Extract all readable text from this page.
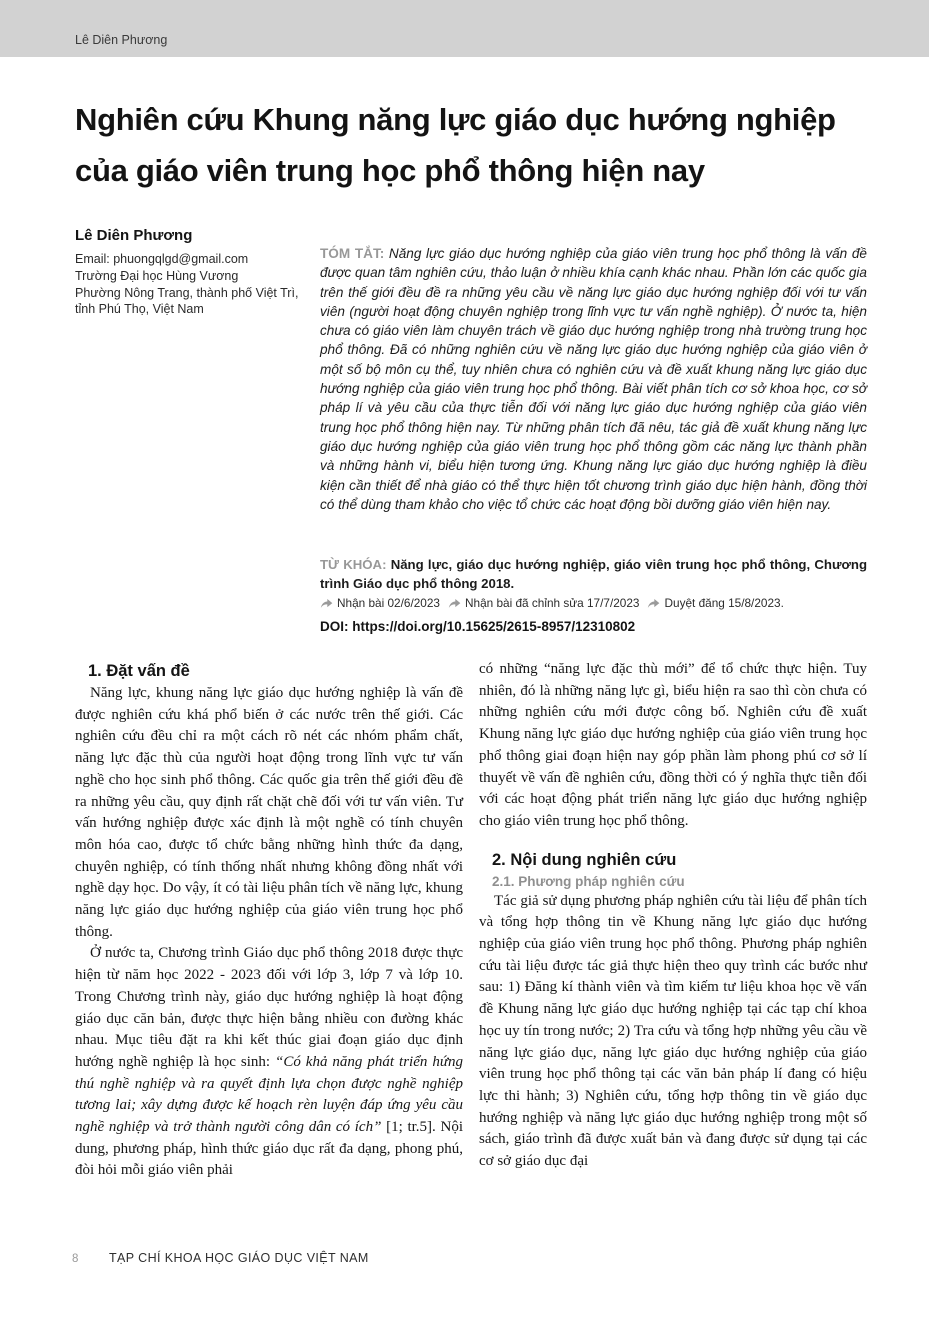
Lê Diên Phương
Nghiên cứu Khung năng lực giáo dục hướng nghiệp
của giáo viên trung học phổ thông hiện nay
Lê Diên Phương
Email: phuongqlgd@gmail.com
Trường Đại học Hùng Vương
Phường Nông Trang, thành phố Việt Trì,
tỉnh Phú Thọ, Việt Nam
TÓM TẮT: Năng lực giáo dục hướng nghiệp của giáo viên trung học phổ thông là vấn đề được quan tâm nghiên cứu, thảo luận ở nhiều khía cạnh khác nhau. Phần lớn các quốc gia trên thế giới đều đề ra những yêu cầu về năng lực giáo dục hướng nghiệp đối với tư vấn viên (người hoạt động chuyên nghiệp trong lĩnh vực tư vấn nghề nghiệp). Ở nước ta, hiện chưa có giáo viên làm chuyên trách về giáo dục hướng nghiệp trong nhà trường trung học phổ thông. Đã có những nghiên cứu về năng lực giáo dục hướng nghiệp của giáo viên ở một số bộ môn cụ thể, tuy nhiên chưa có nghiên cứu và đề xuất khung năng lực giáo dục hướng nghiệp của giáo viên trung học phổ thông. Bài viết phân tích cơ sở khoa học, cơ sở pháp lí và yêu cầu của thực tiễn đối với năng lực giáo dục hướng nghiệp của giáo viên trung học phổ thông hiện nay. Từ những phân tích đã nêu, tác giả đề xuất khung năng lực giáo dục hướng nghiệp của giáo viên trung học phổ thông gồm các năng lực thành phần và những hành vi, biểu hiện tương ứng. Khung năng lực giáo dục hướng nghiệp là điều kiện cần thiết để nhà giáo có thể thực hiện tốt chương trình giáo dục hiện hành, đồng thời có thể dùng tham khảo cho việc tổ chức các hoạt động bồi dưỡng giáo viên hiện nay.
TỪ KHÓA: Năng lực, giáo dục hướng nghiệp, giáo viên trung học phổ thông, Chương trình Giáo dục phổ thông 2018.
Nhận bài 02/6/2023 Nhận bài đã chỉnh sửa 17/7/2023 Duyệt đăng 15/8/2023.
DOI: https://doi.org/10.15625/2615-8957/12310802
1. Đặt vấn đề

Năng lực, khung năng lực giáo dục hướng nghiệp là vấn đề được nghiên cứu khá phổ biến ở các nước trên thế giới. Các nghiên cứu đều chỉ ra một cách rõ nét các nhóm phẩm chất, năng lực đặc thù của người hoạt động trong lĩnh vực tư vấn nghề cho học sinh phổ thông. Các quốc gia trên thế giới đều đề ra những yêu cầu, quy định rất chặt chẽ đối với tư vấn viên. Tư vấn hướng nghiệp được xác định là một nghề có tính chuyên môn hóa cao, được tổ chức bằng những hình thức đa dạng, chuyên nghiệp, có tính thống nhất nhưng không đồng nhất với nghề dạy học. Do vậy, ít có tài liệu phân tích về năng lực, khung năng lực giáo dục hướng nghiệp của giáo viên trung học phổ thông.

Ở nước ta, Chương trình Giáo dục phổ thông 2018 được thực hiện từ năm học 2022 - 2023 đối với lớp 3, lớp 7 và lớp 10. Trong Chương trình này, giáo dục hướng nghiệp là hoạt động giáo dục căn bản, được thực hiện bằng nhiều con đường khác nhau. Mục tiêu đặt ra khi kết thúc giai đoạn giáo dục định hướng nghề nghiệp là học sinh: “Có khả năng phát triển hứng thú nghề nghiệp và ra quyết định lựa chọn được nghề nghiệp tương lai; xây dựng được kế hoạch rèn luyện đáp ứng yêu cầu nghề nghiệp và trở thành người công dân có ích” [1; tr.5]. Nội dung, phương pháp, hình thức giáo dục rất đa dạng, phong phú, đòi hỏi mỗi giáo viên phải

có những “năng lực đặc thù mới” để tổ chức thực hiện. Tuy nhiên, đó là những năng lực gì, biểu hiện ra sao thì còn chưa có những nghiên cứu mới được công bố. Nghiên cứu đề xuất Khung năng lực giáo dục hướng nghiệp của giáo viên trung học phổ thông giai đoạn hiện nay góp phần làm phong phú cơ sở lí thuyết về vấn đề nghiên cứu, đồng thời có ý nghĩa thực tiễn đối với các hoạt động phát triển năng lực giáo dục hướng nghiệp cho giáo viên trung học phổ thông.

2. Nội dung nghiên cứu
2.1. Phương pháp nghiên cứu

Tác giả sử dụng phương pháp nghiên cứu tài liệu để phân tích và tổng hợp thông tin về Khung năng lực giáo dục hướng nghiệp của giáo viên trung học phổ thông. Phương pháp nghiên cứu tài liệu được tác giả thực hiện theo quy trình các bước như sau: 1) Đăng kí thành viên và tìm kiếm tư liệu khoa học về vấn đề Khung năng lực giáo dục hướng nghiệp tại các tạp chí khoa học uy tín trong nước; 2) Tra cứu và tổng hợp những yêu cầu về năng lực giáo dục, năng lực giáo dục hướng nghiệp của giáo viên trung học phổ thông tại các văn bản pháp lí đang có hiệu lực thi hành; 3) Nghiên cứu, tổng hợp thông tin về giáo dục hướng nghiệp và năng lực giáo dục hướng nghiệp trong một số sách, giáo trình đã được xuất bản và đang được sử dụng tại các cơ sở giáo dục đại

8	TẠP CHÍ KHOA HỌC GIÁO DỤC VIỆT NAM
